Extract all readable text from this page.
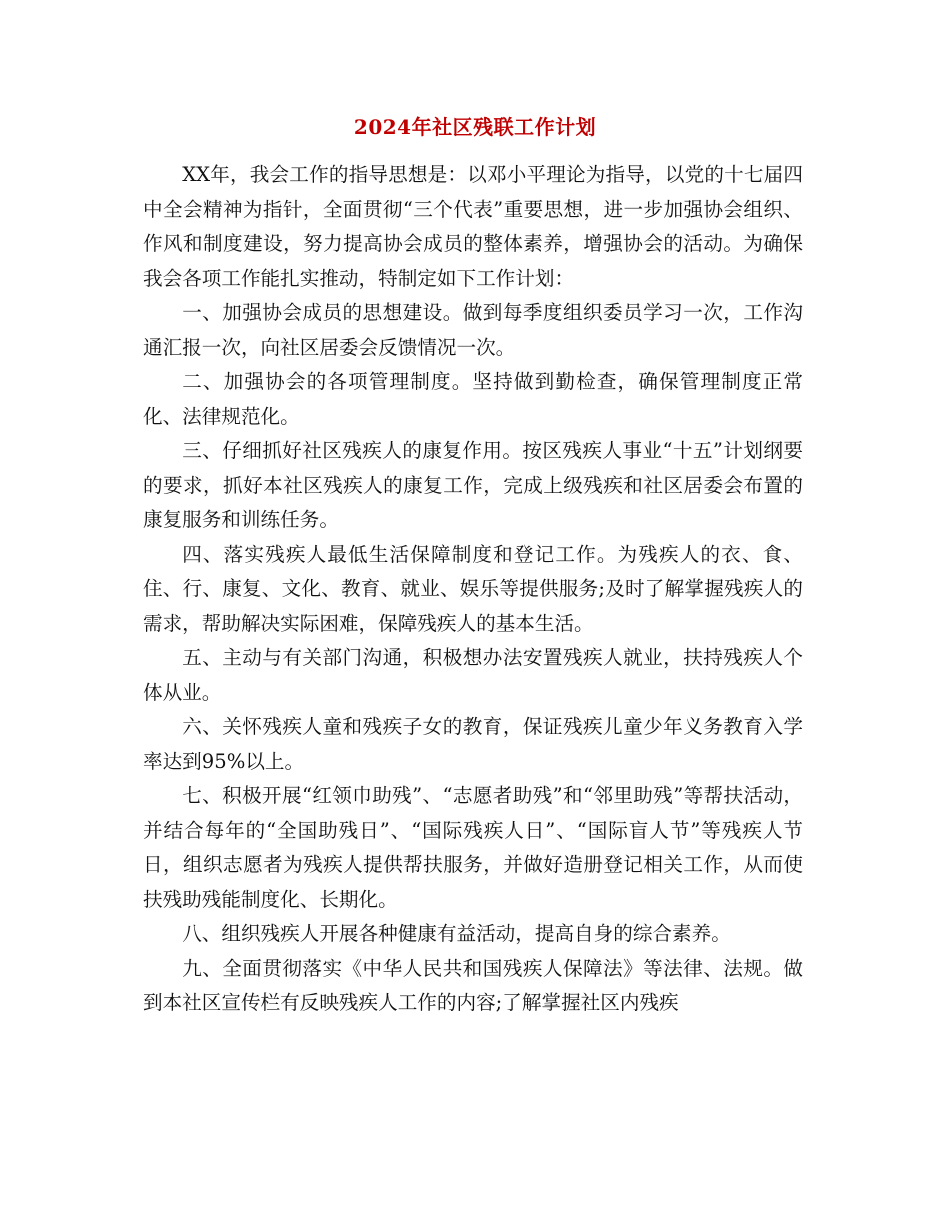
2024年社区残联工作计划

XX年，我会工作的指导思想是：以邓小平理论为指导，以党的十七届四中全会精神为指针，全面贯彻“三个代表”重要思想，进一步加强协会组织、作风和制度建设，努力提高协会成员的整体素养，增强协会的活动。为确保我会各项工作能扎实推动，特制定如下工作计划：

一、加强协会成员的思想建设。做到每季度组织委员学习一次，工作沟通汇报一次，向社区居委会反馈情况一次。

二、加强协会的各项管理制度。坚持做到勤检查，确保管理制度正常化、法律规范化。

三、仔细抓好社区残疾人的康复作用。按区残疾人事业“十五”计划纲要的要求，抓好本社区残疾人的康复工作，完成上级残疾和社区居委会布置的康复服务和训练任务。

四、落实残疾人最低生活保障制度和登记工作。为残疾人的衣、食、住、行、康复、文化、教育、就业、娱乐等提供服务;及时了解掌握残疾人的需求，帮助解决实际困难，保障残疾人的基本生活。

五、主动与有关部门沟通，积极想办法安置残疾人就业，扶持残疾人个体从业。

六、关怀残疾人童和残疾子女的教育，保证残疾儿童少年义务教育入学率达到95%以上。

七、积极开展“红领巾助残”、“志愿者助残”和“邻里助残”等帮扶活动，并结合每年的“全国助残日”、“国际残疾人日”、“国际盲人节”等残疾人节日，组织志愿者为残疾人提供帮扶服务，并做好造册登记相关工作，从而使扶残助残能制度化、长期化。

八、组织残疾人开展各种健康有益活动，提高自身的综合素养。

九、全面贯彻落实《中华人民共和国残疾人保障法》等法律、法规。做到本社区宣传栏有反映残疾人工作的内容;了解掌握社区内残疾
